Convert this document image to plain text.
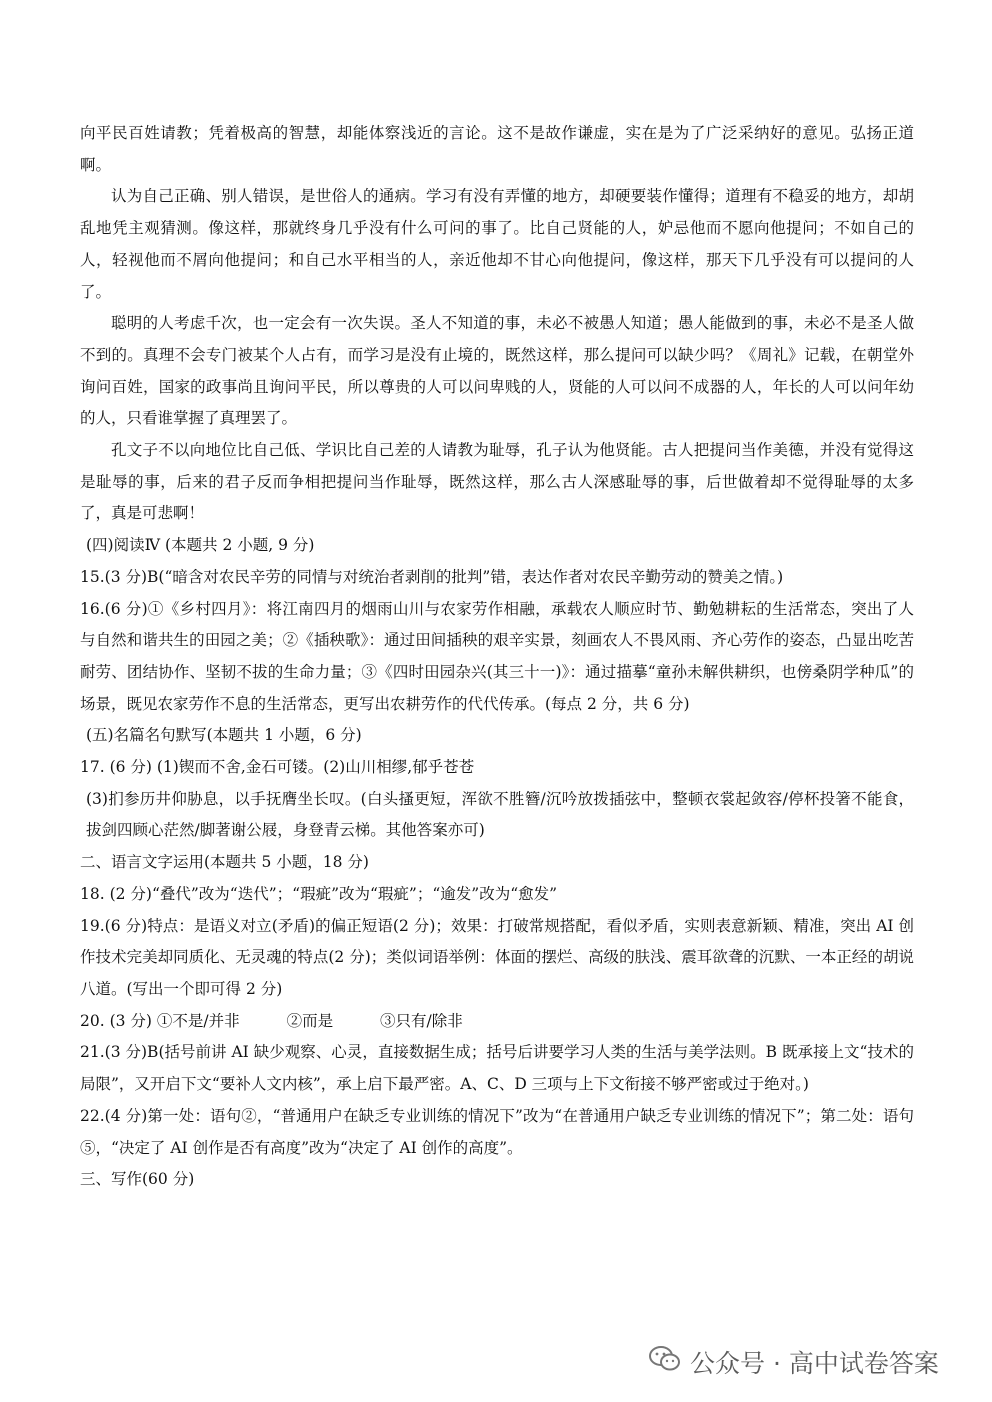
向平民百姓请教；凭着极高的智慧，却能体察浅近的言论。这不是故作谦虚，实在是为了广泛采纳好的意见。弘扬正道啊。

认为自己正确、别人错误，是世俗人的通病。学习有没有弄懂的地方，却硬要装作懂得；道理有不稳妥的地方，却胡乱地凭主观猜测。像这样，那就终身几乎没有什么可问的事了。比自己贤能的人，妒忌他而不愿向他提问；不如自己的人，轻视他而不屑向他提问；和自己水平相当的人，亲近他却不甘心向他提问，像这样，那天下几乎没有可以提问的人了。

聪明的人考虑千次，也一定会有一次失误。圣人不知道的事，未必不被愚人知道；愚人能做到的事，未必不是圣人做不到的。真理不会专门被某个人占有，而学习是没有止境的，既然这样，那么提问可以缺少吗？《周礼》记载，在朝堂外询问百姓，国家的政事尚且询问平民，所以尊贵的人可以问卑贱的人，贤能的人可以问不成器的人，年长的人可以问年幼的人，只看谁掌握了真理罢了。

孔文子不以向地位比自己低、学识比自己差的人请教为耻辱，孔子认为他贤能。古人把提问当作美德，并没有觉得这是耻辱的事，后来的君子反而争相把提问当作耻辱，既然这样，那么古人深感耻辱的事，后世做着却不觉得耻辱的太多了，真是可悲啊！

(四)阅读Ⅳ (本题共 2 小题, 9 分)

15.(3 分)B(“暗含对农民辛劳的同情与对统治者剥削的批判”错，表达作者对农民辛勤劳动的赞美之情。)

16.(6 分)①《乡村四月》：将江南四月的烟雨山川与农家劳作相融，承载农人顺应时节、勤勉耕耘的生活常态，突出了人与自然和谐共生的田园之美；②《插秧歌》：通过田间插秧的艰辛实景，刻画农人不畏风雨、齐心劳作的姿态，凸显出吃苦耐劳、团结协作、坚韧不拔的生命力量；③《四时田园杂兴(其三十一)》：通过描摹“童孙未解供耕织，也傍桑阴学种瓜”的场景，既见农家劳作不息的生活常态，更写出农耕劳作的代代传承。(每点 2 分，共 6 分)

(五)名篇名句默写(本题共 1 小题，6 分)

17. (6 分) (1)锲而不舍,金石可镂。(2)山川相缪,郁乎苍苍

(3)扪参历井仰胁息，以手抚膺坐长叹。(白头搔更短，浑欲不胜簪/沉吟放拨插弦中，整顿衣裳起敛容/停杯投箸不能食，拔剑四顾心茫然/脚著谢公屐，身登青云梯。其他答案亦可)

二、语言文字运用(本题共 5 小题，18 分)

18. (2 分)“叠代”改为“迭代”；“瑕疵”改为“瑕疵”；“逾发”改为“愈发”

19.(6 分)特点：是语义对立(矛盾)的偏正短语(2 分)；效果：打破常规搭配，看似矛盾，实则表意新颖、精准，突出 AI 创作技术完美却同质化、无灵魂的特点(2 分)；类似词语举例：体面的摆烂、高级的肤浅、震耳欲聋的沉默、一本正经的胡说八道。(写出一个即可得 2 分)

20. (3 分) ①不是/并非	②而是	③只有/除非

21.(3 分)B(括号前讲 AI 缺少观察、心灵，直接数据生成；括号后讲要学习人类的生活与美学法则。B 既承接上文“技术的局限”，又开启下文“要补人文内核”，承上启下最严密。A、C、D 三项与上下文衔接不够严密或过于绝对。)

22.(4 分)第一处：语句②，“普通用户在缺乏专业训练的情况下”改为“在普通用户缺乏专业训练的情况下”；第二处：语句⑤，“决定了 AI 创作是否有高度”改为“决定了 AI 创作的高度”。

三、写作(60 分)

公众号 · 高中试卷答案
